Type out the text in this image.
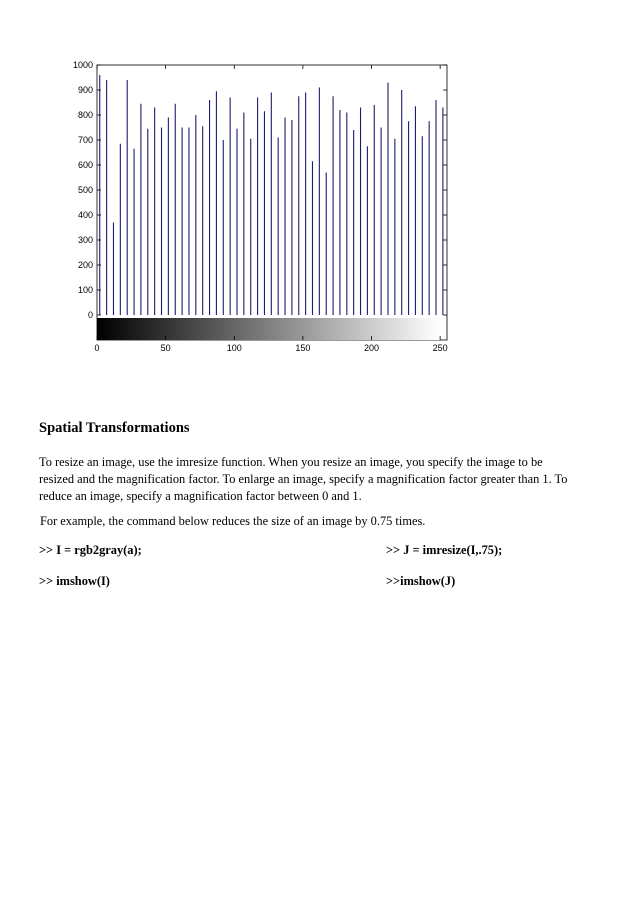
0
100
200
300
400
500
600
700
800
900
1000
0	50	100	150	200	250
Spatial Transformations
To resize an image, use the imresize function. When you resize an image, you specify the image to be
resized and the magnification factor. To enlarge an image, specify a magnification factor greater than 1. To
reduce an image, specify a magnification factor between 0 and 1.

For example, the command below reduces the size of an image by 0.75 times.

>> I = rgb2gray(a);	>> J = imresize(I,.75);

>> imshow(I)	>>imshow(J)
